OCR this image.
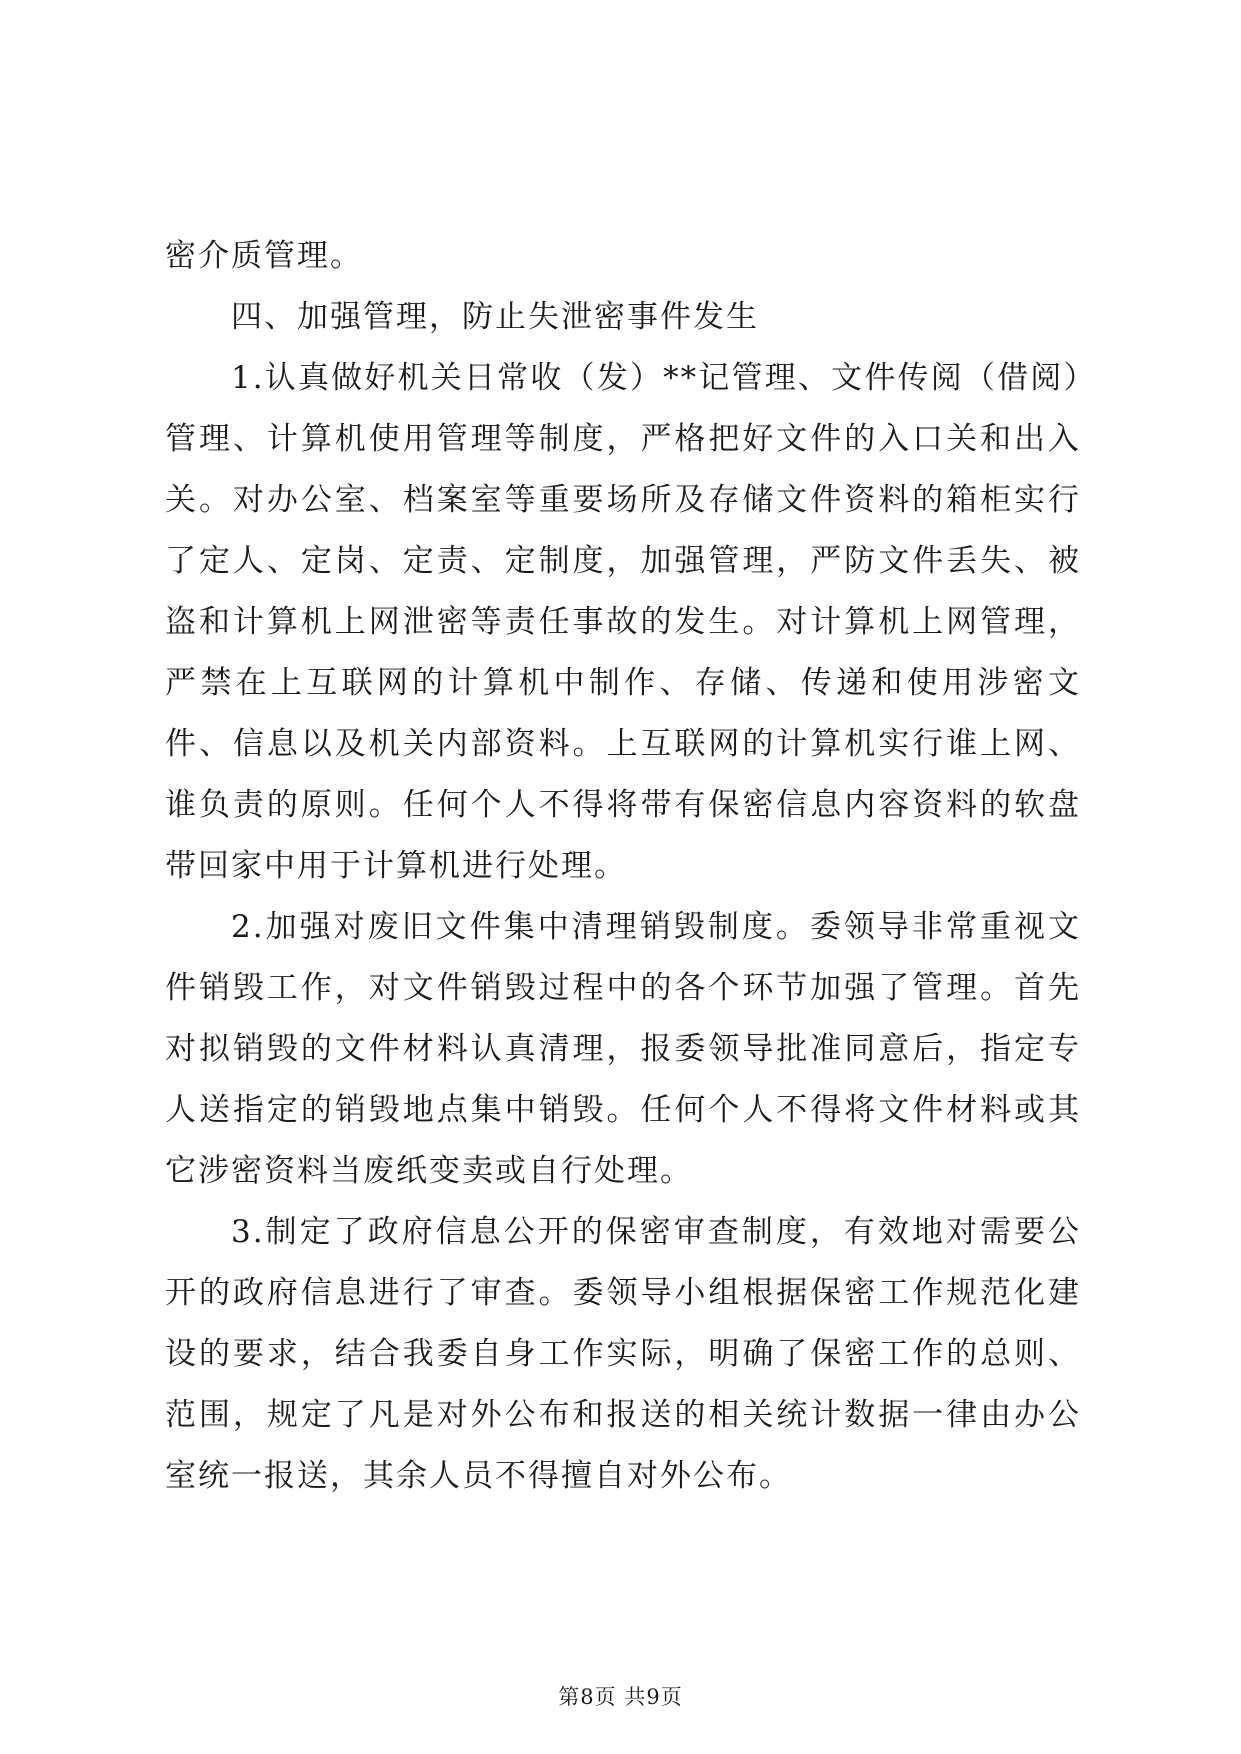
密介质管理。

四、加强管理，防止失泄密事件发生

1.认真做好机关日常收（发）**记管理、文件传阅（借阅）管理、计算机使用管理等制度，严格把好文件的入口关和出入关。对办公室、档案室等重要场所及存储文件资料的箱柜实行了定人、定岗、定责、定制度，加强管理，严防文件丢失、被盗和计算机上网泄密等责任事故的发生。对计算机上网管理，严禁在上互联网的计算机中制作、存储、传递和使用涉密文件、信息以及机关内部资料。上互联网的计算机实行谁上网、谁负责的原则。任何个人不得将带有保密信息内容资料的软盘带回家中用于计算机进行处理。

2.加强对废旧文件集中清理销毁制度。委领导非常重视文件销毁工作，对文件销毁过程中的各个环节加强了管理。首先对拟销毁的文件材料认真清理，报委领导批准同意后，指定专人送指定的销毁地点集中销毁。任何个人不得将文件材料或其它涉密资料当废纸变卖或自行处理。

3.制定了政府信息公开的保密审查制度，有效地对需要公开的政府信息进行了审查。委领导小组根据保密工作规范化建设的要求，结合我委自身工作实际，明确了保密工作的总则、范围，规定了凡是对外公布和报送的相关统计数据一律由办公室统一报送，其余人员不得擅自对外公布。

第8页 共9页
